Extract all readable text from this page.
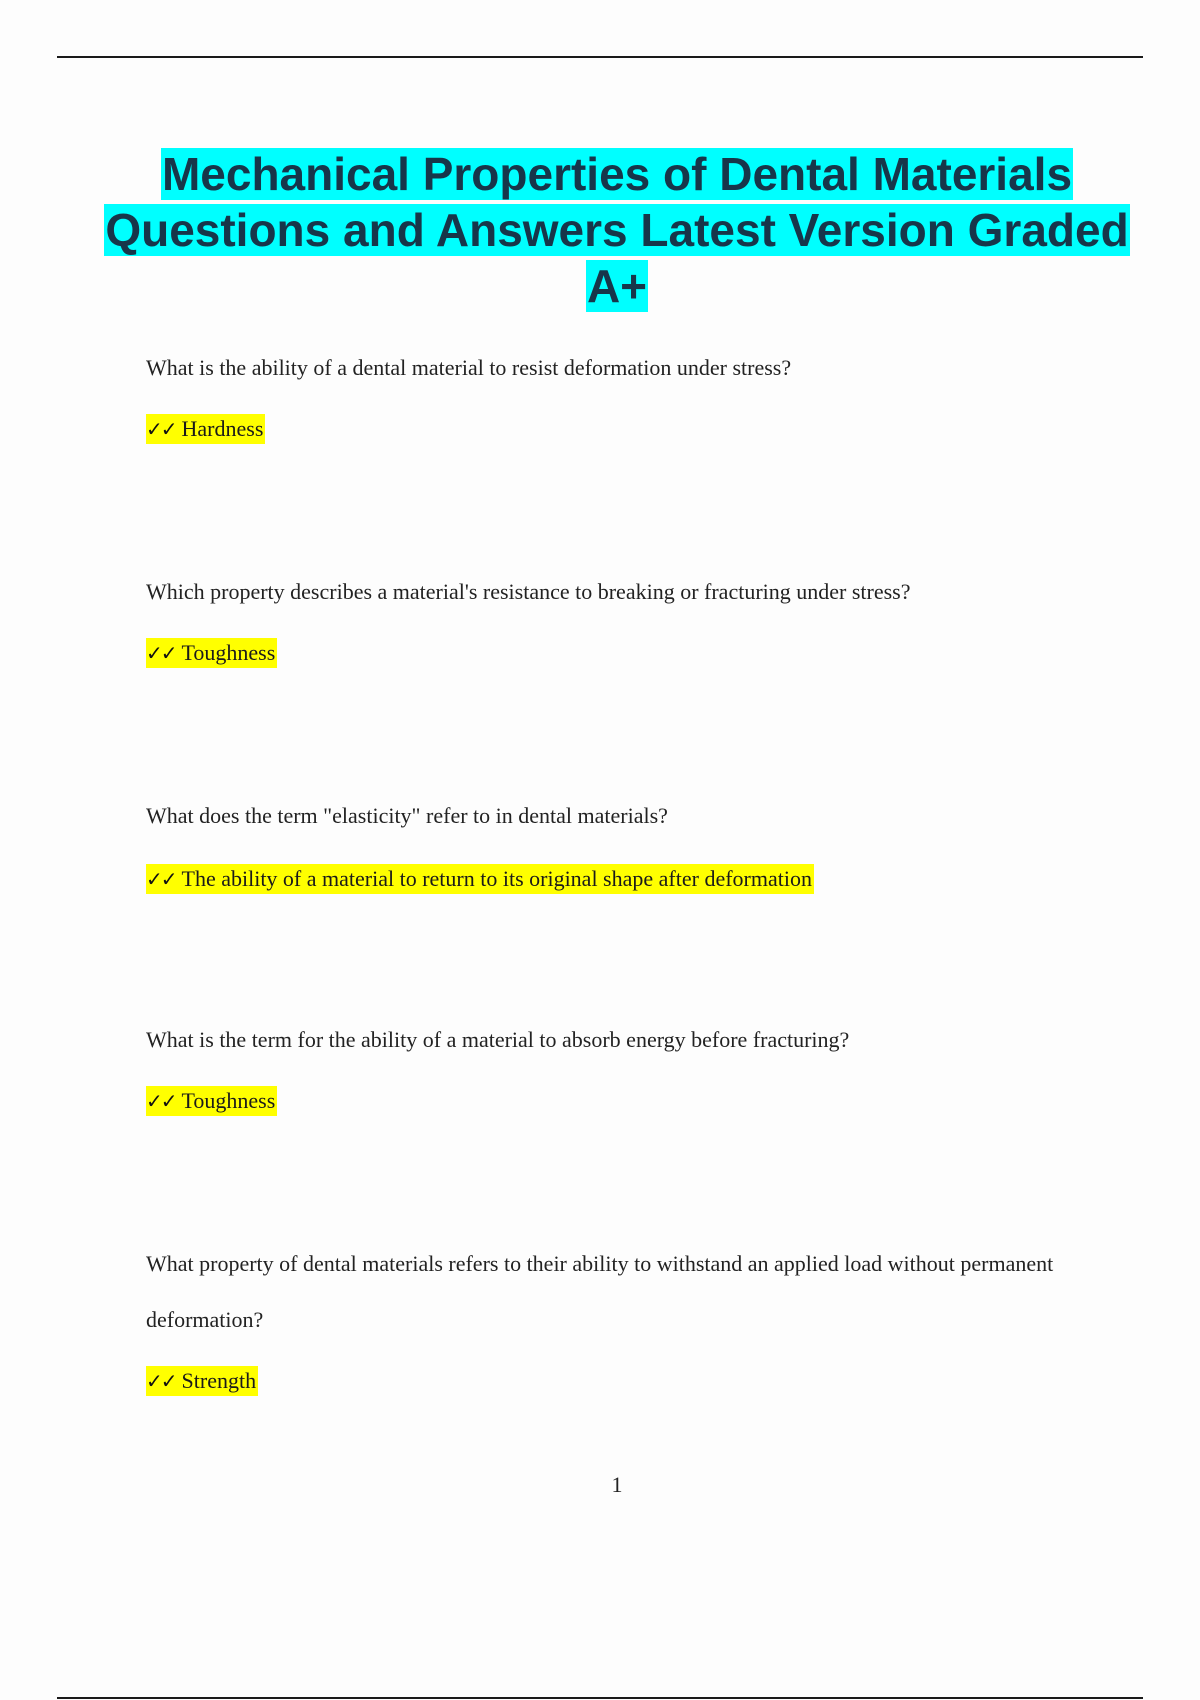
Mechanical Properties of Dental Materials Questions and Answers Latest Version Graded A+

What is the ability of a dental material to resist deformation under stress?

✓✓ Hardness

Which property describes a material's resistance to breaking or fracturing under stress?

✓✓ Toughness

What does the term "elasticity" refer to in dental materials?

✓✓ The ability of a material to return to its original shape after deformation

What is the term for the ability of a material to absorb energy before fracturing?

✓✓ Toughness

What property of dental materials refers to their ability to withstand an applied load without permanent deformation?

✓✓ Strength
1
